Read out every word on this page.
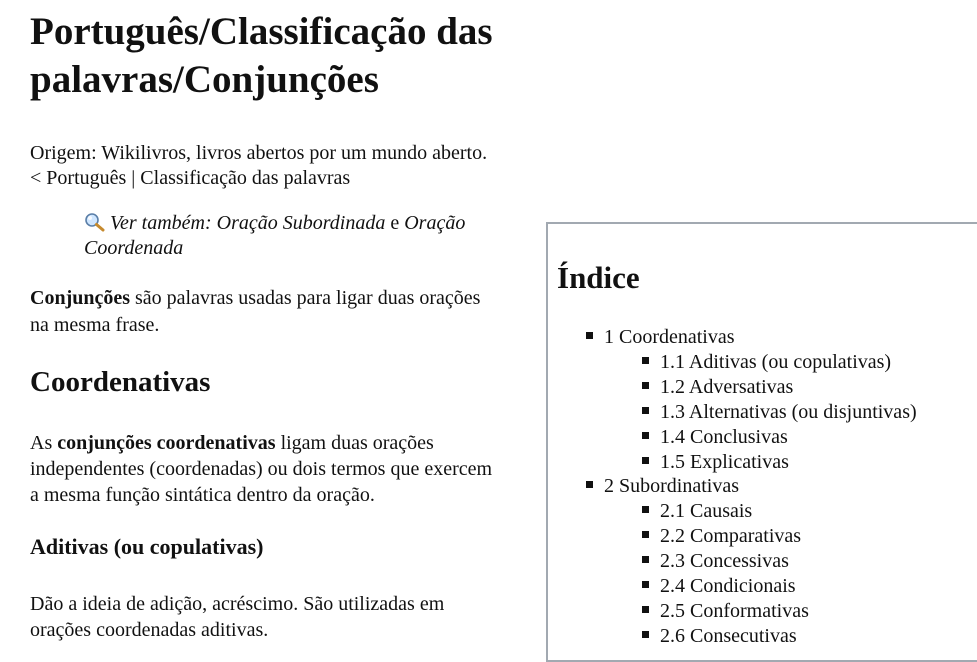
Português/Classificação das palavras/Conjunções
Origem: Wikilivros, livros abertos por um mundo aberto.
< Português | Classificação das palavras
Ver também: Oração Subordinada e Oração Coordenada

Conjunções são palavras usadas para ligar duas orações na mesma frase.

Coordenativas

As conjunções coordenativas ligam duas orações independentes (coordenadas) ou dois termos que exercem a mesma função sintática dentro da oração.

Aditivas (ou copulativas)

Dão a ideia de adição, acréscimo. São utilizadas em orações coordenadas aditivas.

Índice
1 Coordenativas
1.1 Aditivas (ou copulativas)
1.2 Adversativas
1.3 Alternativas (ou disjuntivas)
1.4 Conclusivas
1.5 Explicativas
2 Subordinativas
2.1 Causais
2.2 Comparativas
2.3 Concessivas
2.4 Condicionais
2.5 Conformativas
2.6 Consecutivas
